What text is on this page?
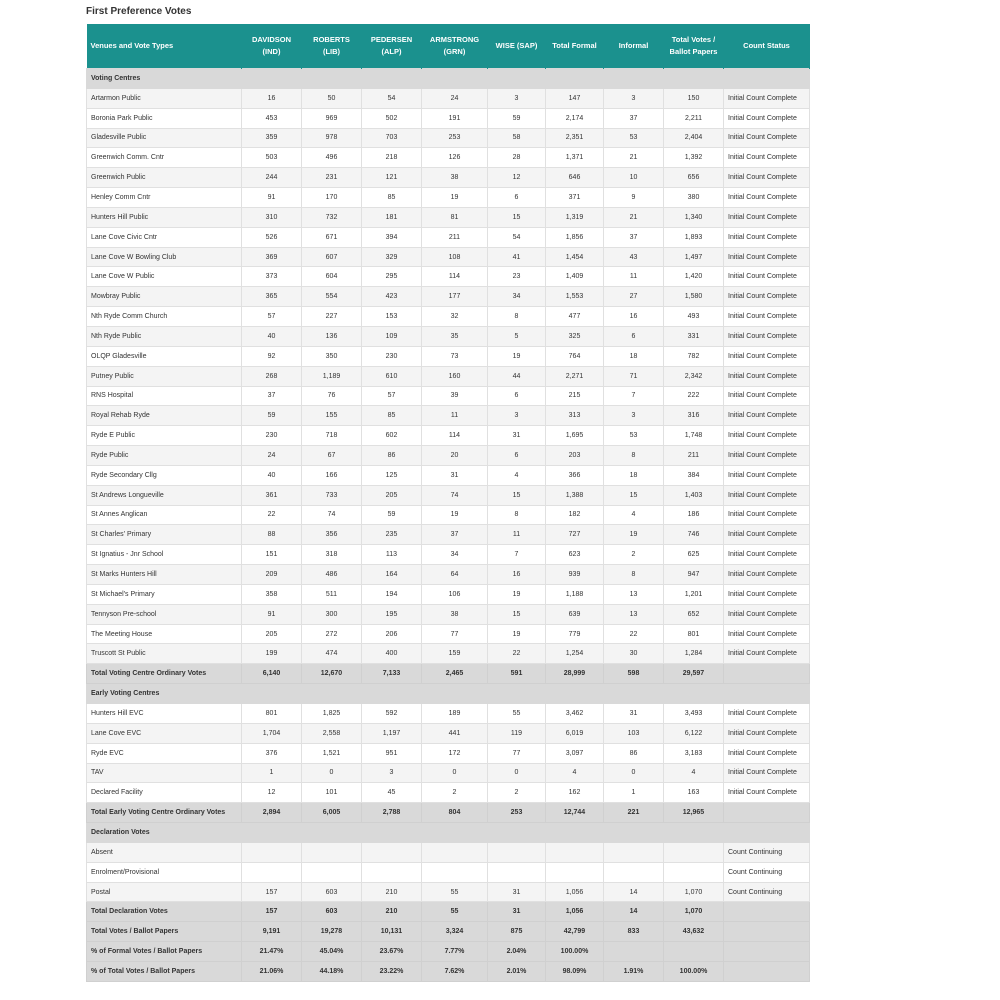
First Preference Votes
Venues and Vote Types	DAVIDSON (IND)	ROBERTS (LIB)	PEDERSEN (ALP)	ARMSTRONG (GRN)	WISE (SAP)	Total Formal	Informal	Total Votes / Ballot Papers	Count Status
Voting Centres									
Artarmon Public	16	50	54	24	3	147	3	150	Initial Count Complete
Boronia Park Public	453	969	502	191	59	2,174	37	2,211	Initial Count Complete
Gladesville Public	359	978	703	253	58	2,351	53	2,404	Initial Count Complete
Greenwich Comm. Cntr	503	496	218	126	28	1,371	21	1,392	Initial Count Complete
Greenwich Public	244	231	121	38	12	646	10	656	Initial Count Complete
Henley Comm Cntr	91	170	85	19	6	371	9	380	Initial Count Complete
Hunters Hill Public	310	732	181	81	15	1,319	21	1,340	Initial Count Complete
Lane Cove Civic Cntr	526	671	394	211	54	1,856	37	1,893	Initial Count Complete
Lane Cove W Bowling Club	369	607	329	108	41	1,454	43	1,497	Initial Count Complete
Lane Cove W Public	373	604	295	114	23	1,409	11	1,420	Initial Count Complete
Mowbray Public	365	554	423	177	34	1,553	27	1,580	Initial Count Complete
Nth Ryde Comm Church	57	227	153	32	8	477	16	493	Initial Count Complete
Nth Ryde Public	40	136	109	35	5	325	6	331	Initial Count Complete
OLQP Gladesville	92	350	230	73	19	764	18	782	Initial Count Complete
Putney Public	268	1,189	610	160	44	2,271	71	2,342	Initial Count Complete
RNS Hospital	37	76	57	39	6	215	7	222	Initial Count Complete
Royal Rehab Ryde	59	155	85	11	3	313	3	316	Initial Count Complete
Ryde E Public	230	718	602	114	31	1,695	53	1,748	Initial Count Complete
Ryde Public	24	67	86	20	6	203	8	211	Initial Count Complete
Ryde Secondary Cllg	40	166	125	31	4	366	18	384	Initial Count Complete
St Andrews Longueville	361	733	205	74	15	1,388	15	1,403	Initial Count Complete
St Annes Anglican	22	74	59	19	8	182	4	186	Initial Count Complete
St Charles' Primary	88	356	235	37	11	727	19	746	Initial Count Complete
St Ignatius - Jnr School	151	318	113	34	7	623	2	625	Initial Count Complete
St Marks Hunters Hill	209	486	164	64	16	939	8	947	Initial Count Complete
St Michael's Primary	358	511	194	106	19	1,188	13	1,201	Initial Count Complete
Tennyson Pre-school	91	300	195	38	15	639	13	652	Initial Count Complete
The Meeting House	205	272	206	77	19	779	22	801	Initial Count Complete
Truscott St Public	199	474	400	159	22	1,254	30	1,284	Initial Count Complete
Total Voting Centre Ordinary Votes	6,140	12,670	7,133	2,465	591	28,999	598	29,597	
Early Voting Centres									
Hunters Hill EVC	801	1,825	592	189	55	3,462	31	3,493	Initial Count Complete
Lane Cove EVC	1,704	2,558	1,197	441	119	6,019	103	6,122	Initial Count Complete
Ryde EVC	376	1,521	951	172	77	3,097	86	3,183	Initial Count Complete
TAV	1	0	3	0	0	4	0	4	Initial Count Complete
Declared Facility	12	101	45	2	2	162	1	163	Initial Count Complete
Total Early Voting Centre Ordinary Votes	2,894	6,005	2,788	804	253	12,744	221	12,965	
Declaration Votes									
Absent									Count Continuing
Enrolment/Provisional									Count Continuing
Postal	157	603	210	55	31	1,056	14	1,070	Count Continuing
Total Declaration Votes	157	603	210	55	31	1,056	14	1,070	
Total Votes / Ballot Papers	9,191	19,278	10,131	3,324	875	42,799	833	43,632	
% of Formal Votes / Ballot Papers	21.47%	45.04%	23.67%	7.77%	2.04%	100.00%			
% of Total Votes / Ballot Papers	21.06%	44.18%	23.22%	7.62%	2.01%	98.09%	1.91%	100.00%	
